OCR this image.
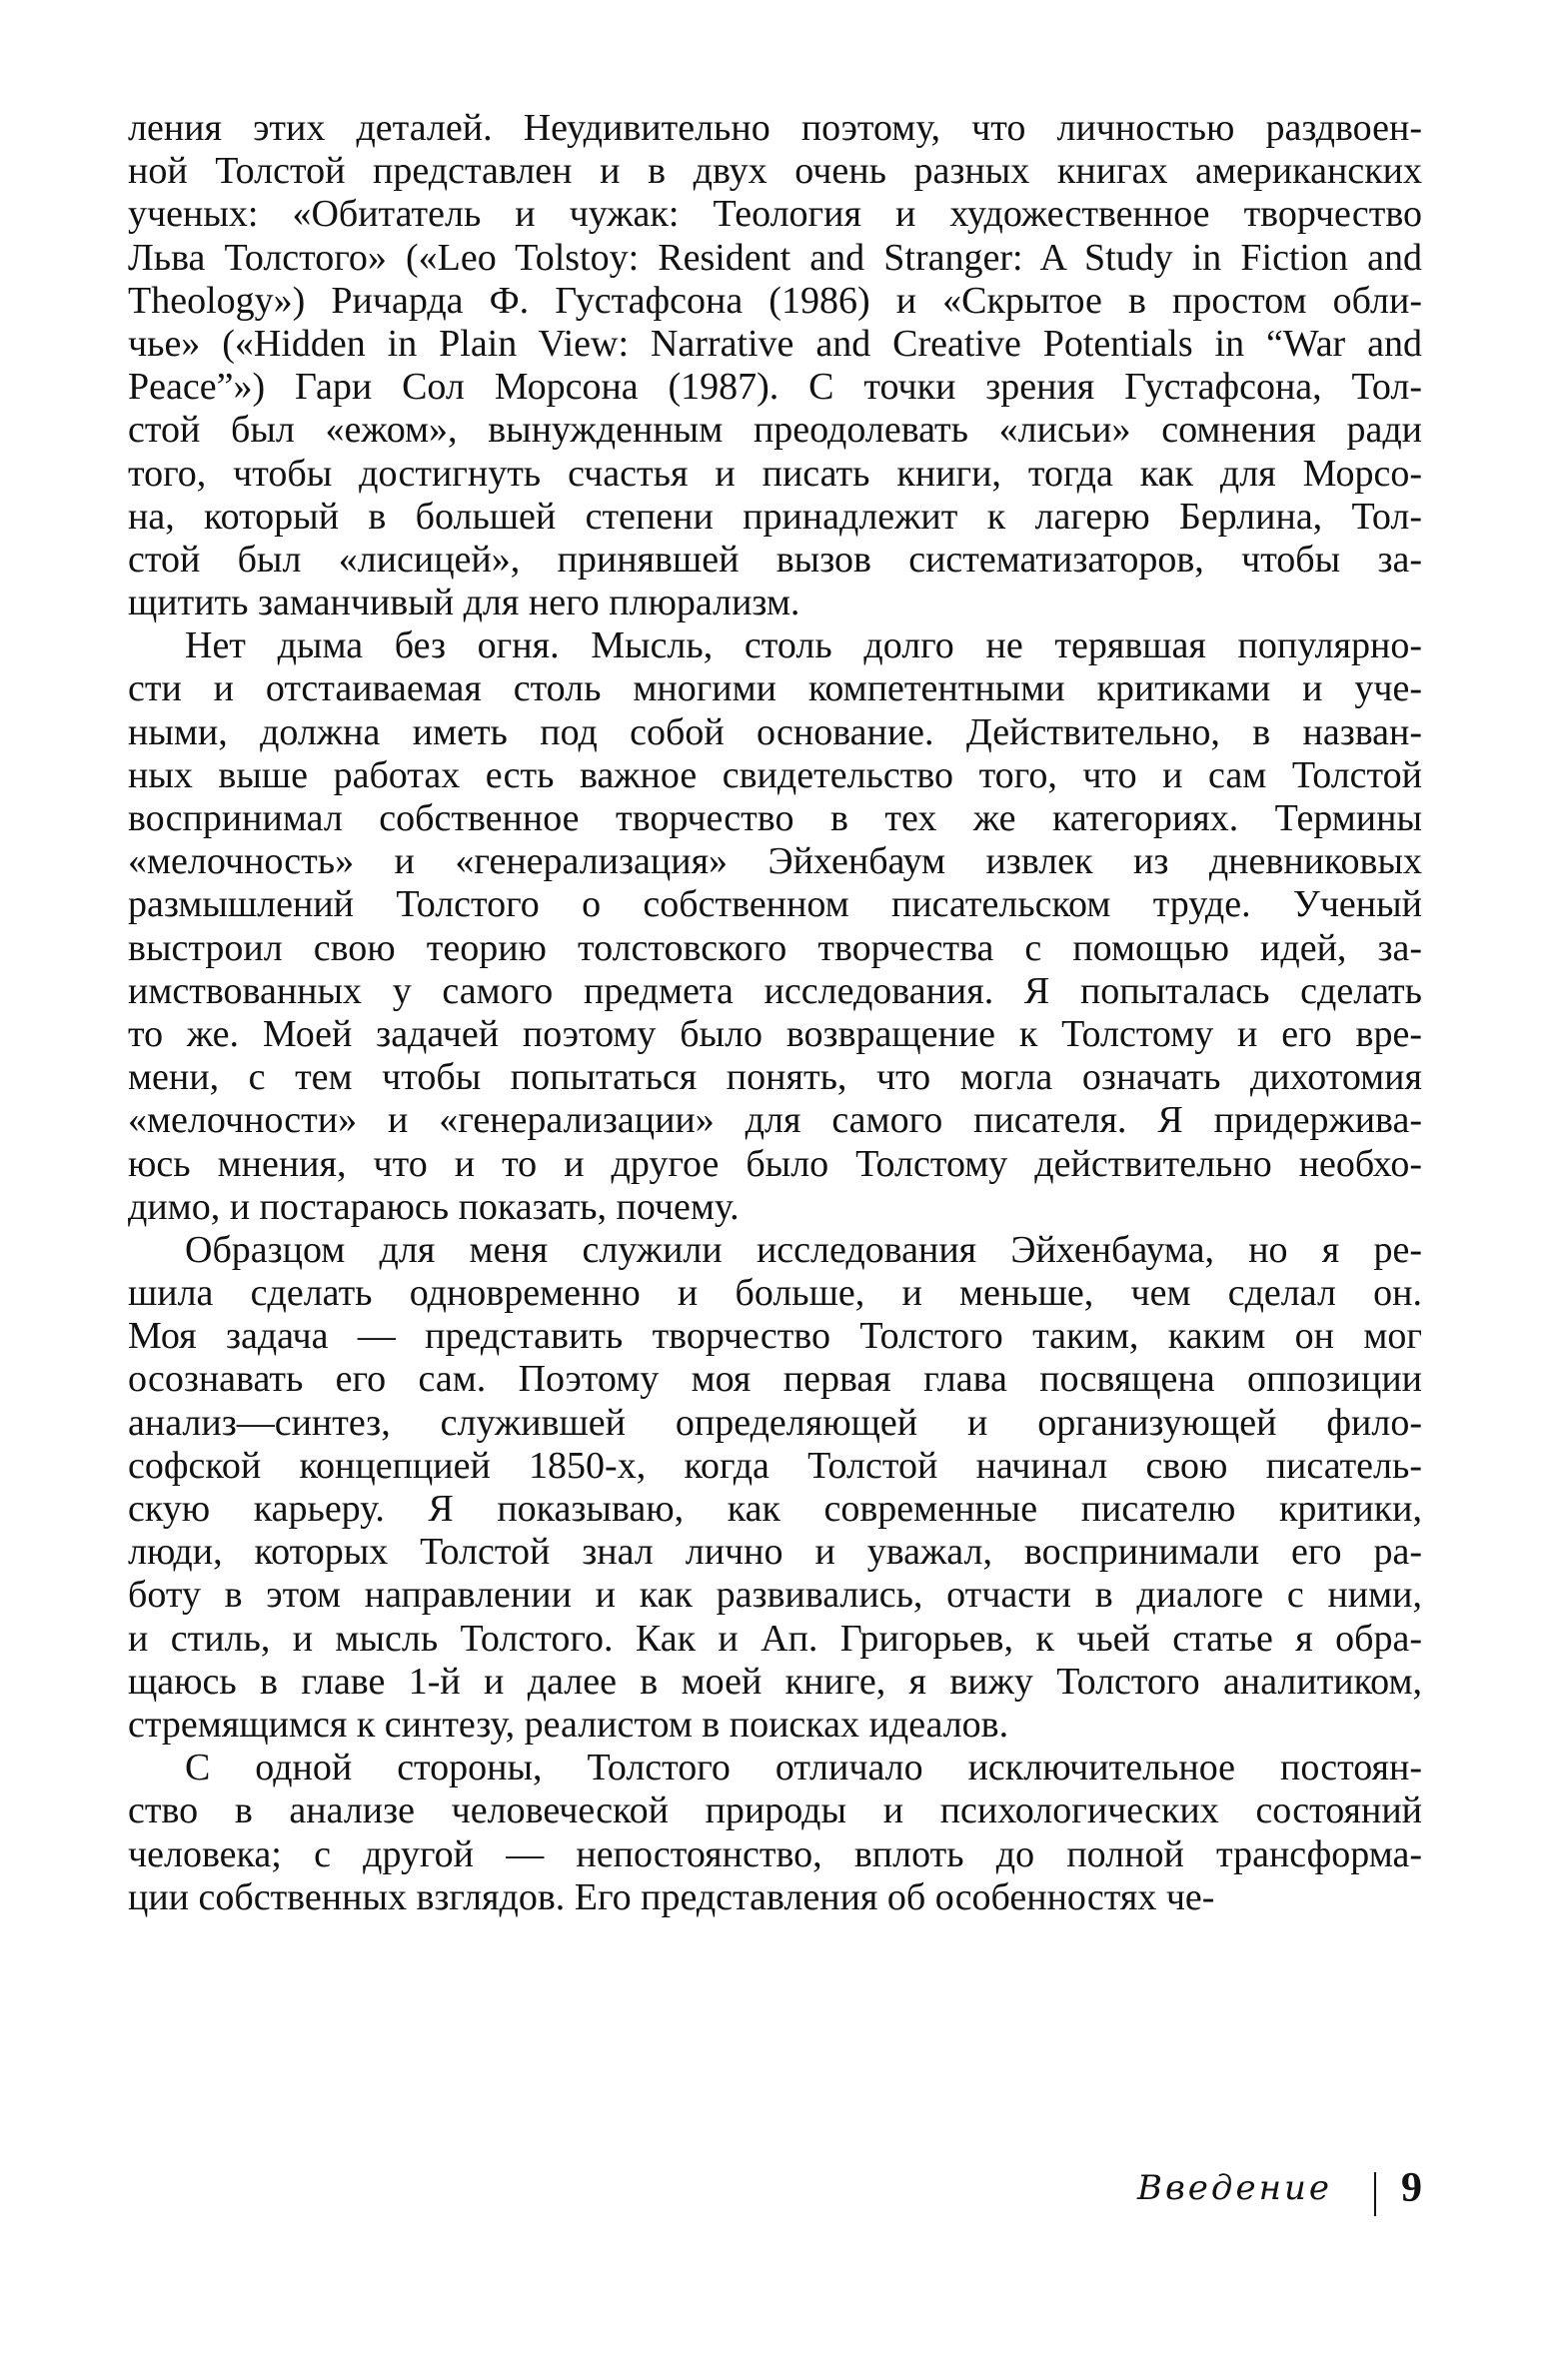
ления этих деталей. Неудивительно поэтому, что личностью раздвоен-
ной Толстой представлен и в двух очень разных книгах американских
ученых: «Обитатель и чужак: Теология и художественное творчество
Льва Толстого» («Leo Tolstoy: Resident and Stranger: A Study in Fiction and
Theology») Ричарда Ф. Густафсона (1986) и «Скрытое в простом обли-
чье» («Hidden in Plain View: Narrative and Creative Potentials in “War and
Peace”») Гари Сол Морсона (1987). С точки зрения Густафсона, Тол-
стой был «ежом», вынужденным преодолевать «лисьи» сомнения ради
того, чтобы достигнуть счастья и писать книги, тогда как для Морсо-
на, который в большей степени принадлежит к лагерю Берлина, Тол-
стой был «лисицей», принявшей вызов систематизаторов, чтобы за-
щитить заманчивый для него плюрализм.
Нет дыма без огня. Мысль, столь долго не терявшая популярно-
сти и отстаиваемая столь многими компетентными критиками и уче-
ными, должна иметь под собой основание. Действительно, в назван-
ных выше работах есть важное свидетельство того, что и сам Толстой
воспринимал собственное творчество в тех же категориях. Термины
«мелочность» и «генерализация» Эйхенбаум извлек из дневниковых
размышлений Толстого о собственном писательском труде. Ученый
выстроил свою теорию толстовского творчества с помощью идей, за-
имствованных у самого предмета исследования. Я попыталась сделать
то же. Моей задачей поэтому было возвращение к Толстому и его вре-
мени, с тем чтобы попытаться понять, что могла означать дихотомия
«мелочности» и «генерализации» для самого писателя. Я придержива-
юсь мнения, что и то и другое было Толстому действительно необхо-
димо, и постараюсь показать, почему.
Образцом для меня служили исследования Эйхенбаума, но я ре-
шила сделать одновременно и больше, и меньше, чем сделал он.
Моя задача — представить творчество Толстого таким, каким он мог
осознавать его сам. Поэтому моя первая глава посвящена оппозиции
анализ—синтез, служившей определяющей и организующей фило-
софской концепцией 1850-х, когда Толстой начинал свою писатель-
скую карьеру. Я показываю, как современные писателю критики,
люди, которых Толстой знал лично и уважал, воспринимали его ра-
боту в этом направлении и как развивались, отчасти в диалоге с ними,
и стиль, и мысль Толстого. Как и Ап. Григорьев, к чьей статье я обра-
щаюсь в главе 1-й и далее в моей книге, я вижу Толстого аналитиком,
стремящимся к синтезу, реалистом в поисках идеалов.
С одной стороны, Толстого отличало исключительное постоян-
ство в анализе человеческой природы и психологических состояний
человека; с другой — непостоянство, вплоть до полной трансформа-
ции собственных взглядов. Его представления об особенностях че-
Введение 9
